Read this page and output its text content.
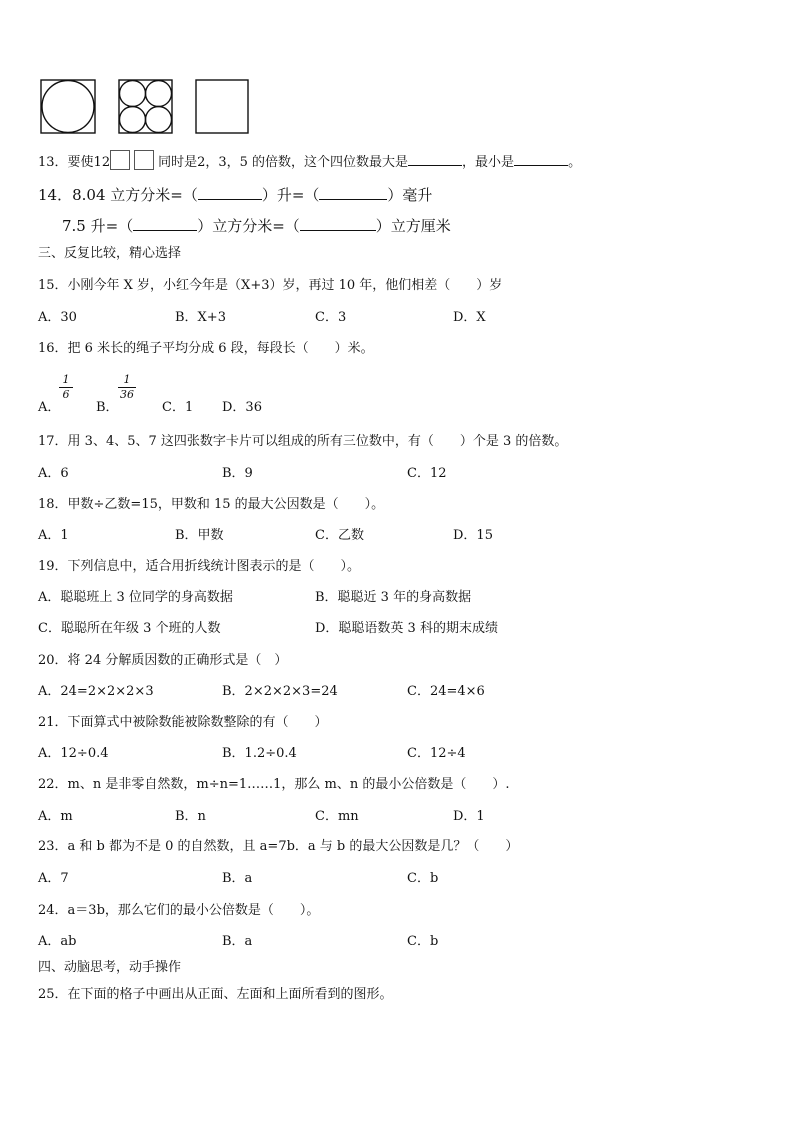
13．要使12	同时是2，3，5 的倍数，这个四位数最大是	，最小是	。
14．8.04 立方分米=（	）升=（	）毫升
7.5 升=（	）立方分米=（	）立方厘米
三、反复比较，精心选择
15．小刚今年 X 岁，小红今年是（X+3）岁，再过 10 年，他们相差（　　）岁
A．30	B．X+3	C．3	D．X
16．把 6 米长的绳子平均分成 6 段，每段长（　　）米。
1
6
1
36
A．	B．	C．1 D．36
17．用 3、4、5、7 这四张数字卡片可以组成的所有三位数中，有（　　）个是 3 的倍数。
A．6	B．9	C．12
18．甲数÷乙数=15，甲数和 15 的最大公因数是（　　）。
A．1	B．甲数	C．乙数	D．15
19．下列信息中，适合用折线统计图表示的是（　　）。
A．聪聪班上 3 位同学的身高数据	B．聪聪近 3 年的身高数据
C．聪聪所在年级 3 个班的人数	D．聪聪语数英 3 科的期末成绩
20．将 24 分解质因数的正确形式是（　）
A．24=2×2×2×3	B．2×2×2×3=24	C．24=4×6
21．下面算式中被除数能被除数整除的有（　　）
A．12÷0.4	B．1.2÷0.4	C．12÷4
22．m、n 是非零自然数，m÷n=1……1，那么 m、n 的最小公倍数是（　　）.
A．m	B．n	C．mn	D．1
23．a 和 b 都为不是 0 的自然数，且 a=7b．a 与 b 的最大公因数是几？（　　）
A．7	B．a	C．b
24．a＝3b，那么它们的最小公倍数是（　　）。
A．ab	B．a	C．b
四、动脑思考，动手操作
25．在下面的格子中画出从正面、左面和上面所看到的图形。
